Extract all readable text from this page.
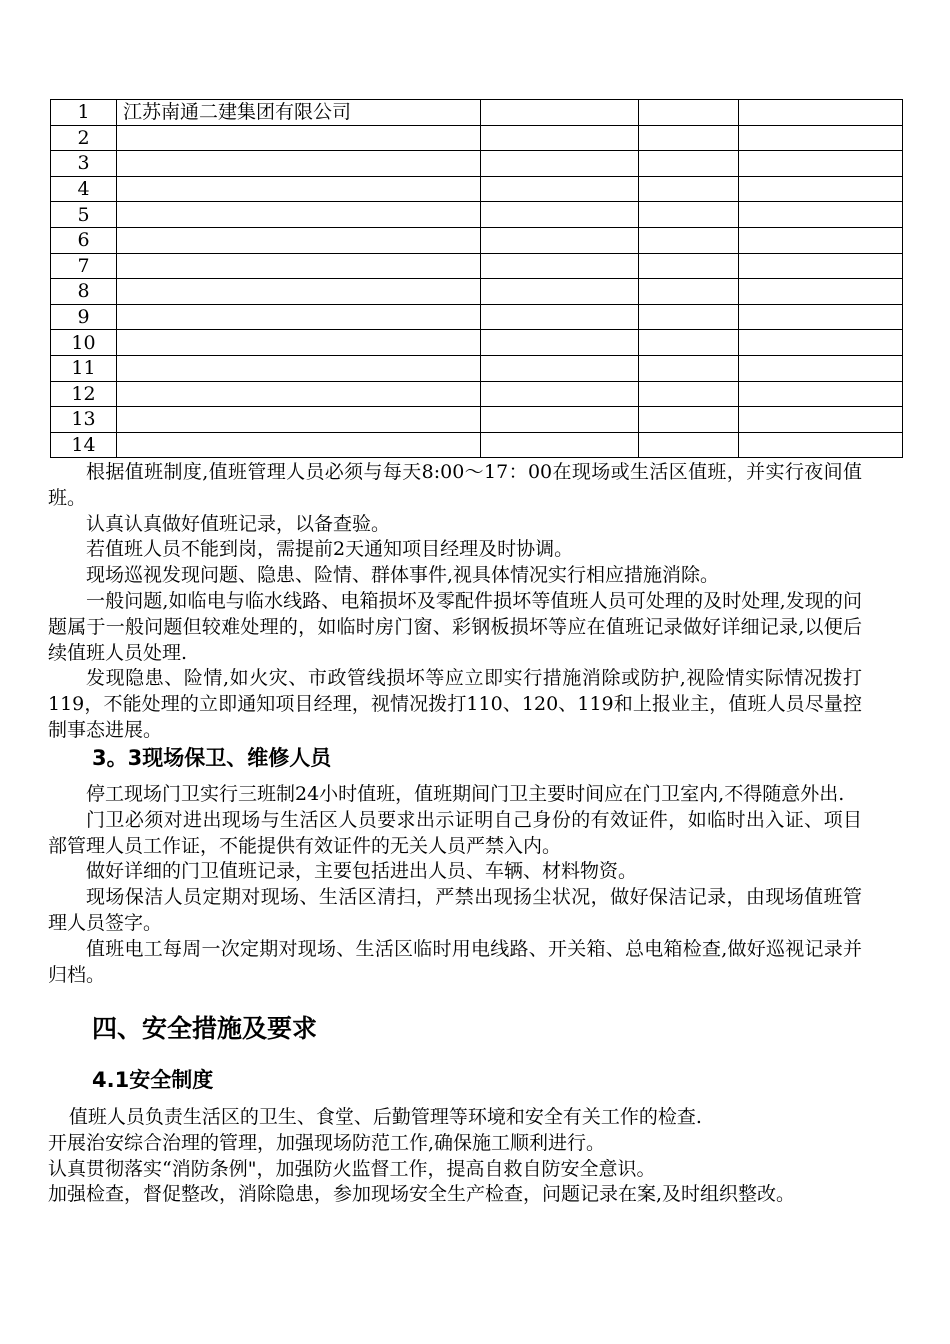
1	江苏南通二建集团有限公司			
2				
3				
4				
5				
6				
7				
8				
9				
10				
11				
12				
13				
14				

根据值班制度,值班管理人员必须与每天8:00～17：00在现场或生活区值班，并实行夜间值班。

认真认真做好值班记录，以备查验。

若值班人员不能到岗，需提前2天通知项目经理及时协调。

现场巡视发现问题、隐患、险情、群体事件,视具体情况实行相应措施消除。

一般问题,如临电与临水线路、电箱损坏及零配件损坏等值班人员可处理的及时处理,发现的问题属于一般问题但较难处理的，如临时房门窗、彩钢板损坏等应在值班记录做好详细记录,以便后续值班人员处理.

发现隐患、险情,如火灾、市政管线损坏等应立即实行措施消除或防护,视险情实际情况拨打119，不能处理的立即通知项目经理，视情况拨打110、120、119和上报业主，值班人员尽量控制事态进展。

3。3现场保卫、维修人员

停工现场门卫实行三班制24小时值班，值班期间门卫主要时间应在门卫室内,不得随意外出.

门卫必须对进出现场与生活区人员要求出示证明自己身份的有效证件，如临时出入证、项目部管理人员工作证，不能提供有效证件的无关人员严禁入内。

做好详细的门卫值班记录，主要包括进出人员、车辆、材料物资。

现场保洁人员定期对现场、生活区清扫，严禁出现扬尘状况，做好保洁记录，由现场值班管理人员签字。

值班电工每周一次定期对现场、生活区临时用电线路、开关箱、总电箱检查,做好巡视记录并归档。

四、安全措施及要求
4.1安全制度

值班人员负责生活区的卫生、食堂、后勤管理等环境和安全有关工作的检查.

开展治安综合治理的管理，加强现场防范工作,确保施工顺利进行。

认真贯彻落实“消防条例"，加强防火监督工作，提高自救自防安全意识。

加强检查，督促整改，消除隐患，参加现场安全生产检查，问题记录在案,及时组织整改。
